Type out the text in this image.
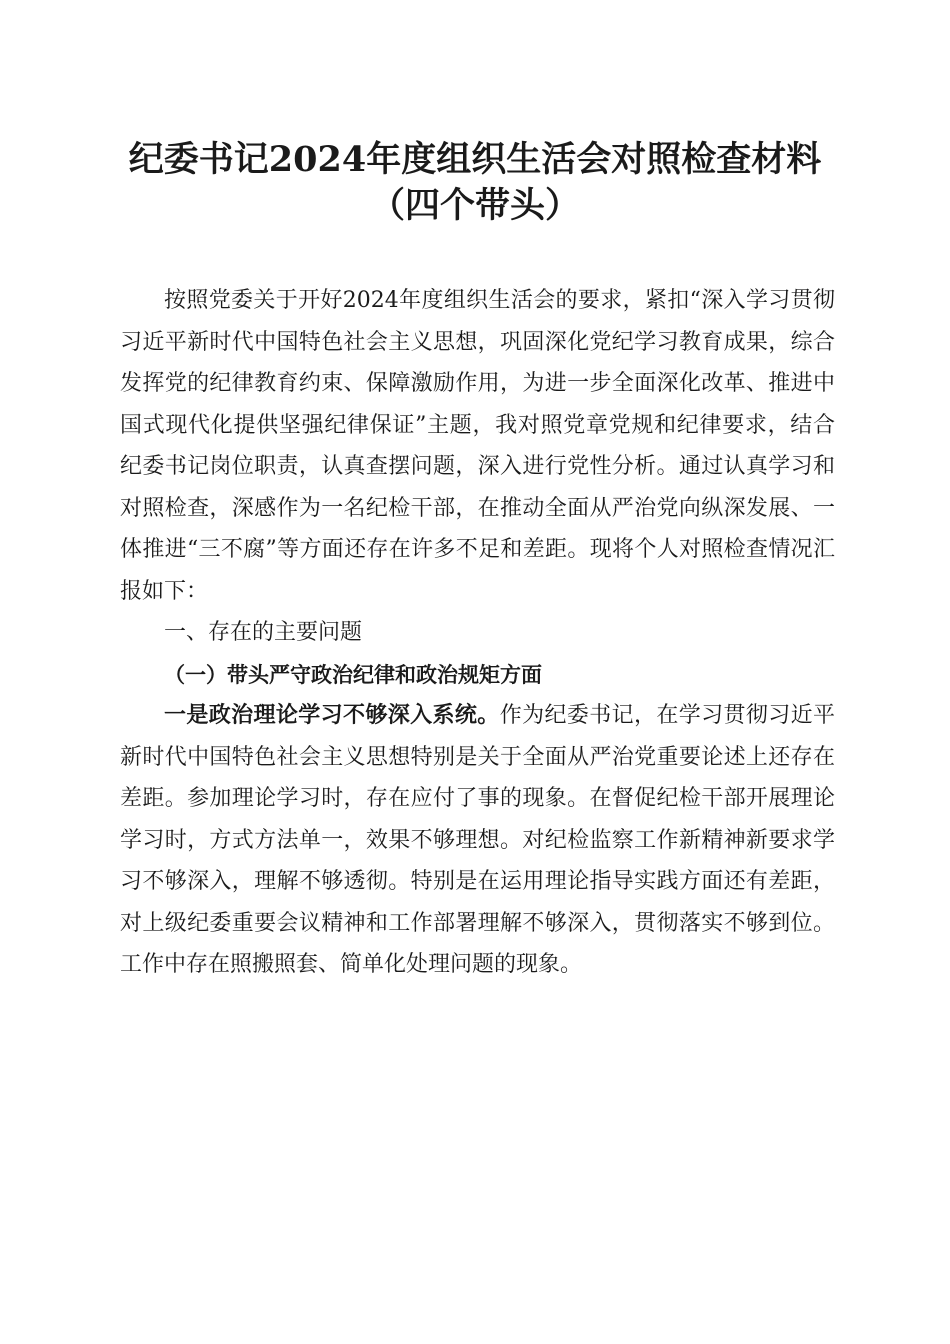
纪委书记2024年度组织生活会对照检查材料
（四个带头）

按照党委关于开好2024年度组织生活会的要求，紧扣“深入学习贯彻习近平新时代中国特色社会主义思想，巩固深化党纪学习教育成果，综合发挥党的纪律教育约束、保障激励作用，为进一步全面深化改革、推进中国式现代化提供坚强纪律保证”主题，我对照党章党规和纪律要求，结合纪委书记岗位职责，认真查摆问题，深入进行党性分析。通过认真学习和对照检查，深感作为一名纪检干部，在推动全面从严治党向纵深发展、一体推进“三不腐”等方面还存在许多不足和差距。现将个人对照检查情况汇报如下：

一、存在的主要问题

（一）带头严守政治纪律和政治规矩方面

一是政治理论学习不够深入系统。作为纪委书记，在学习贯彻习近平新时代中国特色社会主义思想特别是关于全面从严治党重要论述上还存在差距。参加理论学习时，存在应付了事的现象。在督促纪检干部开展理论学习时，方式方法单一，效果不够理想。对纪检监察工作新精神新要求学习不够深入，理解不够透彻。特别是在运用理论指导实践方面还有差距，对上级纪委重要会议精神和工作部署理解不够深入，贯彻落实不够到位。工作中存在照搬照套、简单化处理问题的现象。
